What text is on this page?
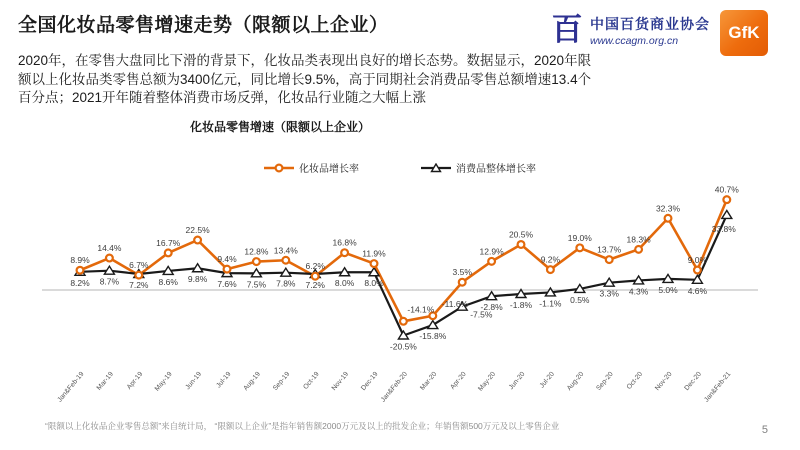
全国化妆品零售增速走势（限额以上企业）	百 中国百货商业协会
www.ccagm.org.cn	GfK
2020年，在零售大盘同比下滑的背景下，化妆品类表现出良好的增长态势。数据显示，2020年限额以上化妆品类零售总额为3400亿元，同比增长9.5%，高于同期社会消费品零售总额增速13.4个百分点；2021开年随着整体消费市场反弹，化妆品行业随之大幅上涨
化妆品零售增速（限额以上企业）
化妆品增长率	消费品整体增长率
8.9%
14.4%
6.7%
16.7%
22.5%
9.4%
12.8% 13.4%
6.2%
16.8%
11.9%
-14.1%
-11.6%
3.5%
12.9%
20.5%
9.2%
19.0%
13.7%
18.3%
32.3%
9.0%
40.7%
8.2% 8.7% 7.2% 8.6% 9.8% 7.6% 7.5% 7.8% 7.2% 8.0% 8.0%
-20.5%
-15.8%
-7.5%
-2.8% -1.8% -1.1% 0.5%
3.3% 4.3% 5.0% 4.6%
33.8%
Jan&Feb-19 Mar-19 Apr-19 May-19 Jun-19 Jul-19 Aug-19 Sep-19 Oct-19 Nov-19 Dec-19 Jan&Feb-20 Mar-20 Apr-20 May-20 Jun-20 Jul-20 Aug-20 Sep-20 Oct-20 Nov-20 Dec-20 Jan&Feb-21
“限额以上化妆品企业零售总额”来自统计局， “限额以上企业”是指年销售额2000万元及以上的批发企业；年销售额500万元及以上零售企业	5
